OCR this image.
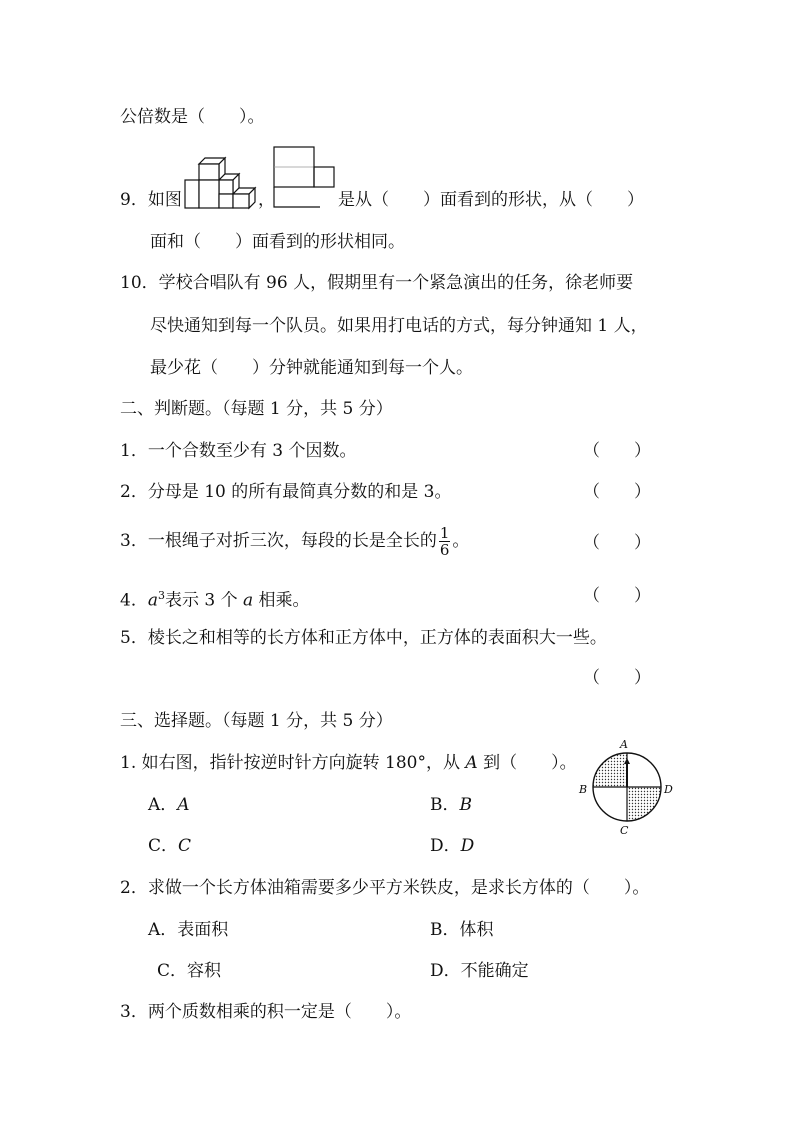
公倍数是（　　）。
9．如图	，	是从（　　）面看到的形状，从（　　）
面和（　　）面看到的形状相同。
10．学校合唱队有 96 人，假期里有一个紧急演出的任务，徐老师要
尽快通知到每一个队员。如果用打电话的方式，每分钟通知 1 人，
最少花（　　）分钟就能通知到每一个人。
二、判断题。（每题 1 分，共 5 分）
1．一个合数至少有 3 个因数。	（　　）
2．分母是 10 的所有最简真分数的和是 3。	（　　）
3．一根绳子对折三次，每段的长是全长的 $\frac{1}{6}$ 。	（　　）
4．$a^3$表示 3 个 a 相乘。	（　　）
5．棱长之和相等的长方体和正方体中，正方体的表面积大一些。
（　　）
三、选择题。（每题 1 分，共 5 分）
1. 如右图，指针按逆时针方向旋转 180°，从 A 到（　　）。
A
B	D
C
A．A	B．B
C．C	D．D
2．求做一个长方体油箱需要多少平方米铁皮，是求长方体的（　　）。
A．表面积	B．体积
C．容积	D．不能确定
3．两个质数相乘的积一定是（　　）。
